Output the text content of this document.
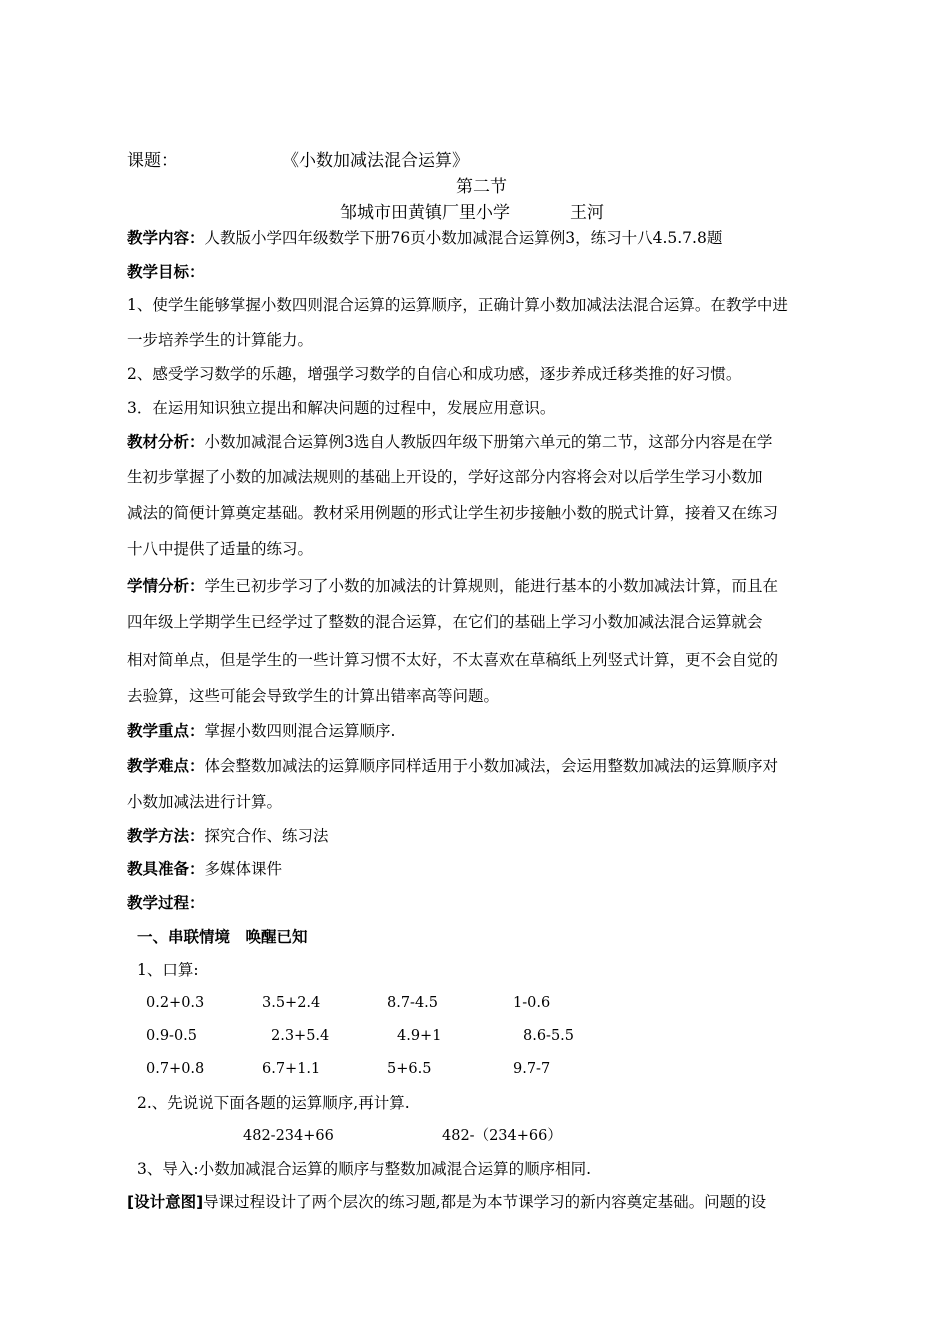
课题：	《小数加减法混合运算》
第二节
邹城市田黄镇厂里小学	王河
教学内容：人教版小学四年级数学下册76页小数加减混合运算例3，练习十八4.5.7.8题
教学目标：
1、使学生能够掌握小数四则混合运算的运算顺序，正确计算小数加减法法混合运算。在教学中进
一步培养学生的计算能力。
2、感受学习数学的乐趣，增强学习数学的自信心和成功感，逐步养成迁移类推的好习惯。
3．在运用知识独立提出和解决问题的过程中，发展应用意识。
教材分析：小数加减混合运算例3选自人教版四年级下册第六单元的第二节，这部分内容是在学
生初步掌握了小数的加减法规则的基础上开设的，学好这部分内容将会对以后学生学习小数加
减法的简便计算奠定基础。教材采用例题的形式让学生初步接触小数的脱式计算，接着又在练习
十八中提供了适量的练习。
学情分析：学生已初步学习了小数的加减法的计算规则，能进行基本的小数加减法计算，而且在
四年级上学期学生已经学过了整数的混合运算，在它们的基础上学习小数加减法混合运算就会
相对简单点，但是学生的一些计算习惯不太好，不太喜欢在草稿纸上列竖式计算，更不会自觉的
去验算，这些可能会导致学生的计算出错率高等问题。
教学重点：掌握小数四则混合运算顺序.
教学难点：体会整数加减法的运算顺序同样适用于小数加减法，会运用整数加减法的运算顺序对
小数加减法进行计算。
教学方法：探究合作、练习法
教具准备：多媒体课件
教学过程：
一、串联情境　唤醒已知
1、口算:
0.2+0.3	3.5+2.4	8.7-4.5	1-0.6
0.9-0.5	2.3+5.4	4.9+1	8.6-5.5
0.7+0.8	6.7+1.1	5+6.5	9.7-7
2.、先说说下面各题的运算顺序,再计算.
482-234+66	482-（234+66）
3、导入:小数加减混合运算的顺序与整数加减混合运算的顺序相同.
[设计意图]导课过程设计了两个层次的练习题,都是为本节课学习的新内容奠定基础。问题的设
